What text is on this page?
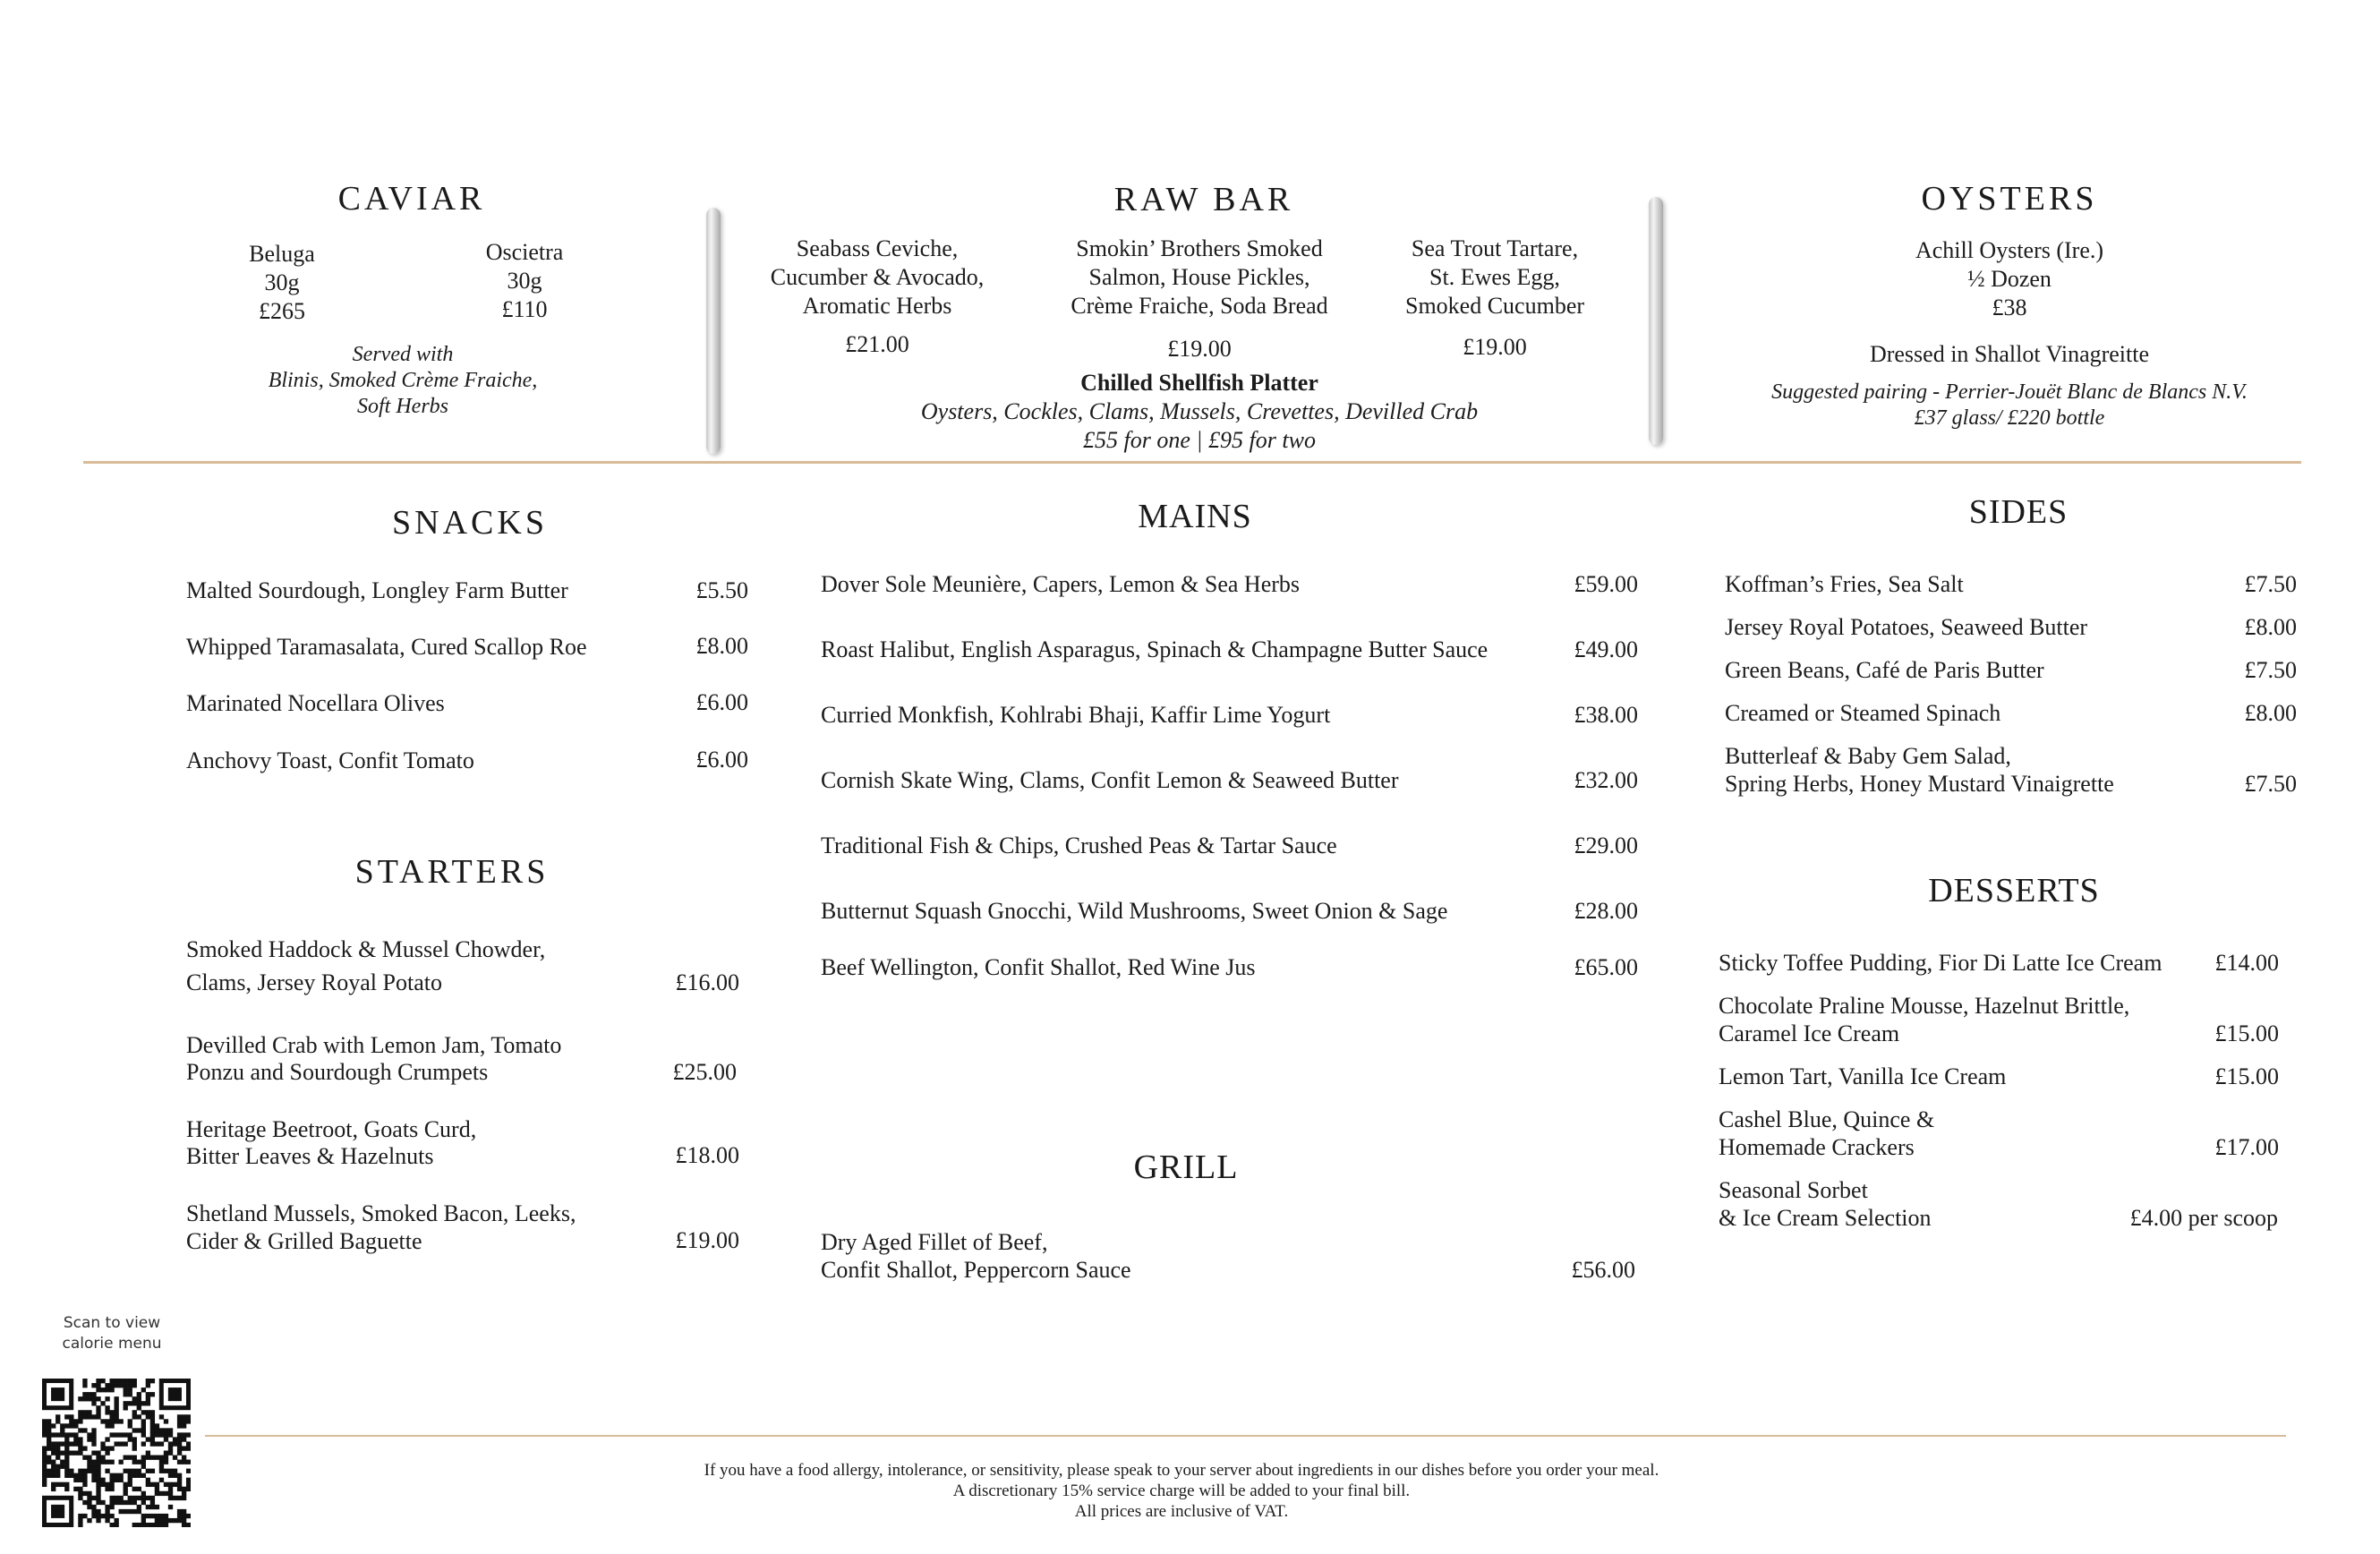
CAVIAR
Beluga
30g
£265
Oscietra
30g
£110
Served with
Blinis, Smoked Crème Fraiche,
Soft Herbs
RAW BAR
Seabass Ceviche,
Cucumber & Avocado,
Aromatic Herbs
£21.00
Smokin’ Brothers Smoked
Salmon, House Pickles,
Crème Fraiche, Soda Bread
£19.00
Sea Trout Tartare,
St. Ewes Egg,
Smoked Cucumber
£19.00
Chilled Shellfish Platter
Oysters, Cockles, Clams, Mussels, Crevettes, Devilled Crab
£55 for one | £95 for two
OYSTERS
Achill Oysters (Ire.)
½ Dozen
£38
Dressed in Shallot Vinagreitte
Suggested pairing - Perrier-Jouët Blanc de Blancs N.V.
£37 glass/ £220 bottle
SNACKS
Malted Sourdough, Longley Farm Butter	£5.50
Whipped Taramasalata, Cured Scallop Roe	£8.00
Marinated Nocellara Olives	£6.00
Anchovy Toast, Confit Tomato	£6.00
STARTERS
Smoked Haddock & Mussel Chowder,
Clams, Jersey Royal Potato	£16.00
Devilled Crab with Lemon Jam, Tomato
Ponzu and Sourdough Crumpets	£25.00
Heritage Beetroot, Goats Curd,
Bitter Leaves & Hazelnuts	£18.00
Shetland Mussels, Smoked Bacon, Leeks,
Cider & Grilled Baguette	£19.00
MAINS
Dover Sole Meunière, Capers, Lemon & Sea Herbs	£59.00
Roast Halibut, English Asparagus, Spinach & Champagne Butter Sauce	£49.00
Curried Monkfish, Kohlrabi Bhaji, Kaffir Lime Yogurt	£38.00
Cornish Skate Wing, Clams, Confit Lemon & Seaweed Butter	£32.00
Traditional Fish & Chips, Crushed Peas & Tartar Sauce	£29.00
Butternut Squash Gnocchi, Wild Mushrooms, Sweet Onion & Sage	£28.00
Beef Wellington, Confit Shallot, Red Wine Jus	£65.00
GRILL
Dry Aged Fillet of Beef,
Confit Shallot, Peppercorn Sauce	£56.00
SIDES
Koffman’s Fries, Sea Salt	£7.50
Jersey Royal Potatoes, Seaweed Butter	£8.00
Green Beans, Café de Paris Butter	£7.50
Creamed or Steamed Spinach	£8.00
Butterleaf & Baby Gem Salad,
Spring Herbs, Honey Mustard Vinaigrette	£7.50
DESSERTS
Sticky Toffee Pudding, Fior Di Latte Ice Cream	£14.00
Chocolate Praline Mousse, Hazelnut Brittle,
Caramel Ice Cream	£15.00
Lemon Tart, Vanilla Ice Cream	£15.00
Cashel Blue, Quince &
Homemade Crackers	£17.00
Seasonal Sorbet
& Ice Cream Selection	£4.00 per scoop
Scan to view
calorie menu
If you have a food allergy, intolerance, or sensitivity, please speak to your server about ingredients in our dishes before you order your meal.
A discretionary 15% service charge will be added to your final bill.
All prices are inclusive of VAT.
